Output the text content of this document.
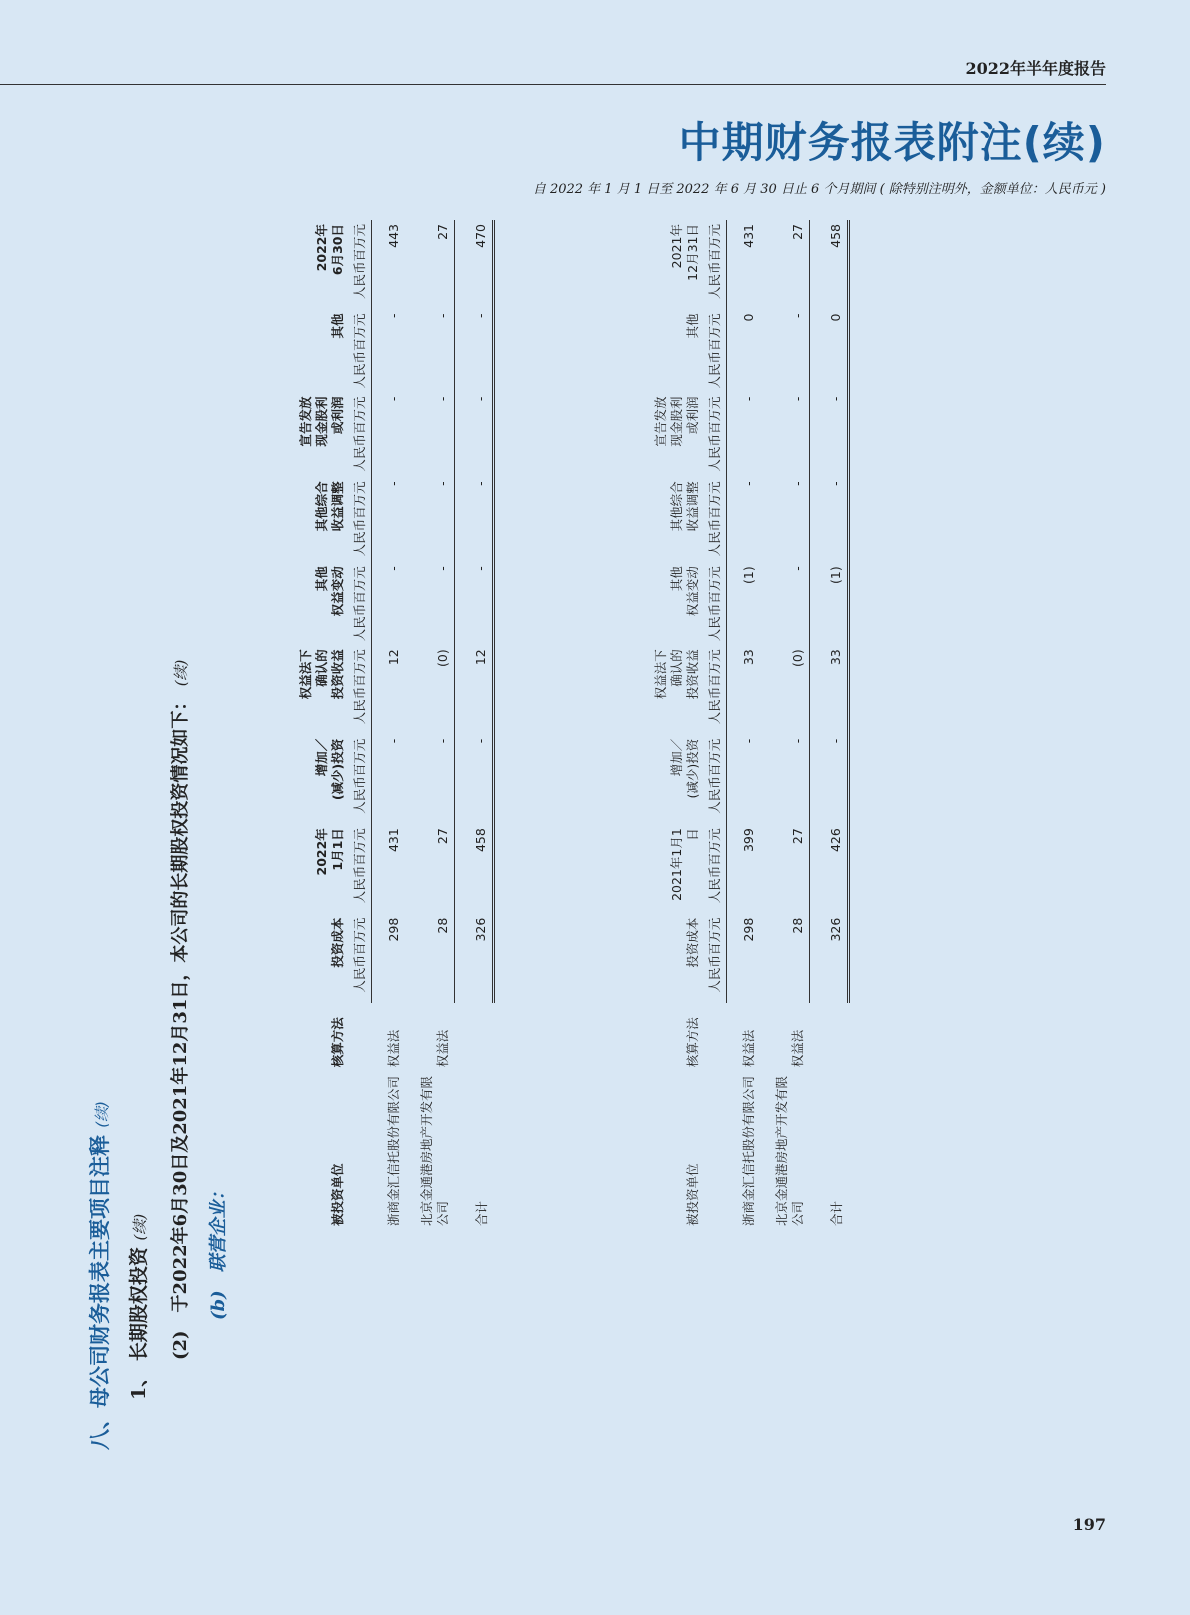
2022年半年度报告
中期财务报表附注(续)
自 2022 年 1 月 1 日至 2022 年 6 月 30 日止 6 个月期间 ( 除特别注明外，金额单位：人民币元 )
八、母公司财务报表主要项目注释 (续)
1、 长期股权投资 (续) (2)　于2022年6月30日及2021年12月31日，本公司的长期股权投资情况如下： (续)
(b)　联营企业：	被投资单位	核算方法	投资成本	2022年
1月1日	增加／
(减少)投资	权益法下
确认的
投资收益	其他
权益变动	其他综合
收益调整	宣告发放
现金股利
或利润	其他	2022年
6月30日
		人民币百万元	人民币百万元	人民币百万元	人民币百万元	人民币百万元	人民币百万元	人民币百万元	人民币百万元	人民币百万元
浙商金汇信托股份有限公司	权益法	298	431	-	12	-	-	-	-	443
北京金通港房地产开发有限公司	权益法	28	27	-	(0)	-	-	-	-	27
合计		326	458	-	12	-	-	-	-	470
被投资单位	核算方法	投资成本	2021年1月1日	增加／
(减少)投资	权益法下
确认的
投资收益	其他
权益变动	其他综合
收益调整	宣告发放
现金股利
或利润	其他	2021年
12月31日
		人民币百万元	人民币百万元	人民币百万元	人民币百万元	人民币百万元	人民币百万元	人民币百万元	人民币百万元	人民币百万元
浙商金汇信托股份有限公司	权益法	298	399	-	33	(1)	-	-	0	431
北京金通港房地产开发有限公司	权益法	28	27	-	(0)	-	-	-	-	27
合计		326	426	-	33	(1)	-	-	0	458
197
